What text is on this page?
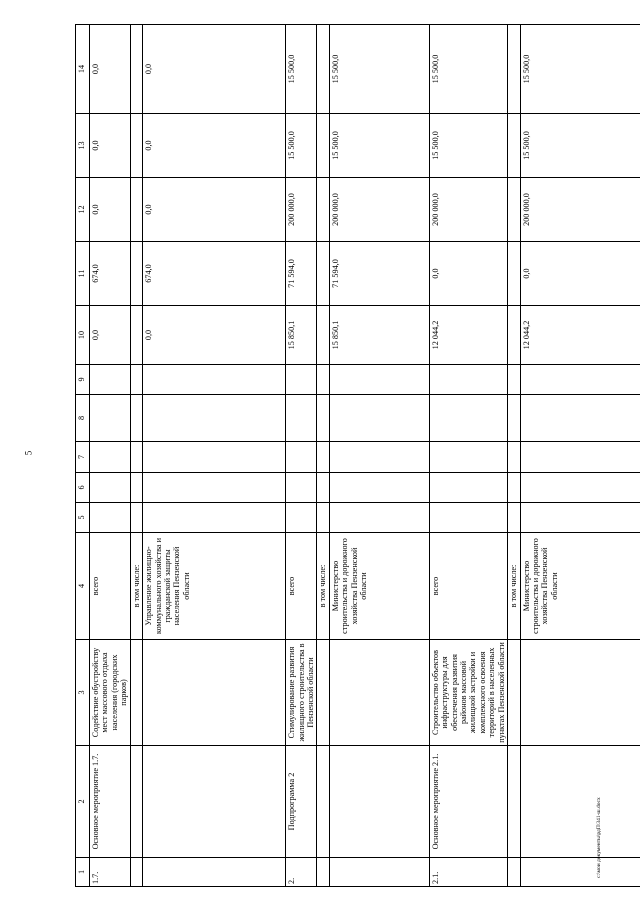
5
1	2	3	4	5	6	7	8	9	10	11	12	13	14
1.7.	Основное мероприятие 1.7.	Содействие обустройству мест массового отдыха населения (городских парков)	всего						0,0	674,0	0,0	0,0	0,0
			в том числе:										
			Управление жилищно-коммунального хозяйства и гражданской защиты населения Пензенской области						0,0	674,0	0,0	0,0	0,0
2.	Подпрограмма 2	Стимулирование развития жилищного строительства в Пензенской области	всего						15 850,1	71 594,0	200 000,0	15 500,0	15 500,0
			в том числе:										
			Министерство строительства и дорожного хозяйства Пензенской области						15 850,1	71 594,0	200 000,0	15 500,0	15 500,0
2.1.	Основное мероприятие 2.1.	Строительство объектов инфраструктуры для обеспечения развития районов массовой жилищной застройки и комплексного освоения территорий в населенных пунктах Пензенской области	всего						12 044,2	0,0	200 000,0	15 500,0	15 500,0
			в том числе:										
			Министерство строительства и дорожного хозяйства Пензенской области						12 044,2	0,0	200 000,0	15 500,0	15 500,0
c:\мои документы\рдП\341-ш.docx
